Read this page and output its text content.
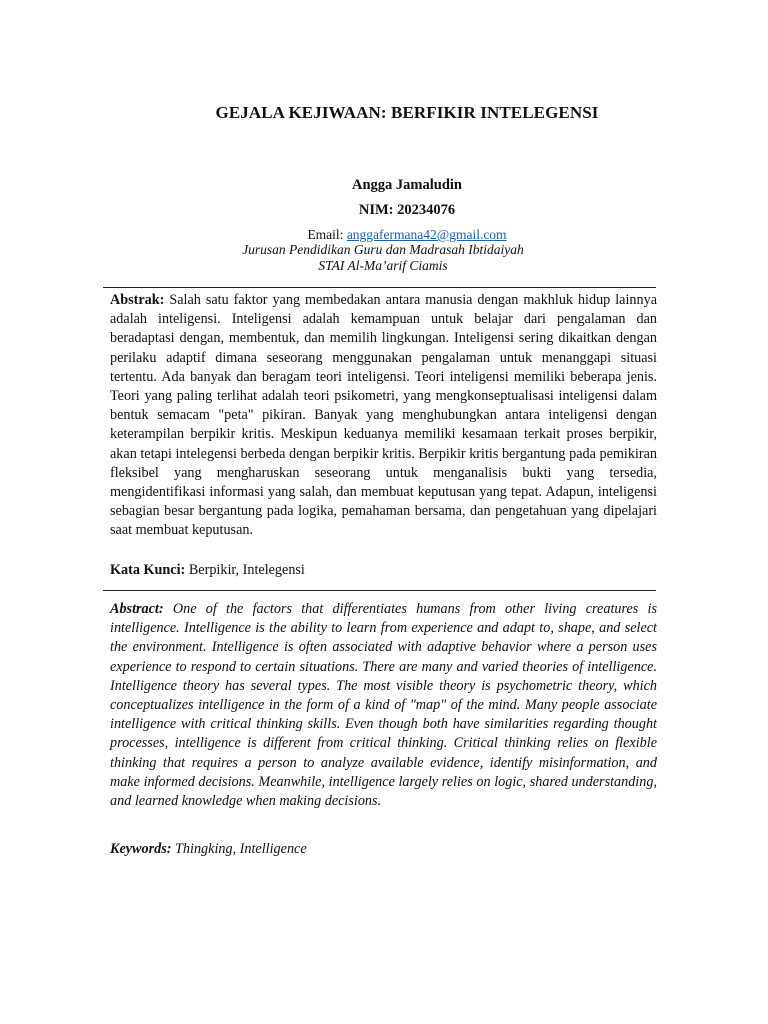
GEJALA KEJIWAAN: BERFIKIR INTELEGENSI
Angga Jamaludin
NIM: 20234076
Email: anggafermana42@gmail.com
Jurusan Pendidikan Guru dan Madrasah Ibtidaiyah
STAI Al-Ma’arif Ciamis
Abstrak: Salah satu faktor yang membedakan antara manusia dengan makhluk hidup lainnya adalah inteligensi. Inteligensi adalah kemampuan untuk belajar dari pengalaman dan beradaptasi dengan, membentuk, dan memilih lingkungan. Inteligensi sering dikaitkan dengan perilaku adaptif dimana seseorang menggunakan pengalaman untuk menanggapi situasi tertentu. Ada banyak dan beragam teori inteligensi. Teori inteligensi memiliki beberapa jenis. Teori yang paling terlihat adalah teori psikometri, yang mengkonseptualisasi inteligensi dalam bentuk semacam "peta" pikiran. Banyak yang menghubungkan antara inteligensi dengan keterampilan berpikir kritis. Meskipun keduanya memiliki kesamaan terkait proses berpikir, akan tetapi intelegensi berbeda dengan berpikir kritis. Berpikir kritis bergantung pada pemikiran fleksibel yang mengharuskan seseorang untuk menganalisis bukti yang tersedia, mengidentifikasi informasi yang salah, dan membuat keputusan yang tepat. Adapun, inteligensi sebagian besar bergantung pada logika, pemahaman bersama, dan pengetahuan yang dipelajari saat membuat keputusan.
Kata Kunci: Berpikir, Intelegensi
Abstract: One of the factors that differentiates humans from other living creatures is intelligence. Intelligence is the ability to learn from experience and adapt to, shape, and select the environment. Intelligence is often associated with adaptive behavior where a person uses experience to respond to certain situations. There are many and varied theories of intelligence. Intelligence theory has several types. The most visible theory is psychometric theory, which conceptualizes intelligence in the form of a kind of "map" of the mind. Many people associate intelligence with critical thinking skills. Even though both have similarities regarding thought processes, intelligence is different from critical thinking. Critical thinking relies on flexible thinking that requires a person to analyze available evidence, identify misinformation, and make informed decisions. Meanwhile, intelligence largely relies on logic, shared understanding, and learned knowledge when making decisions.
Keywords: Thingking, Intelligence
